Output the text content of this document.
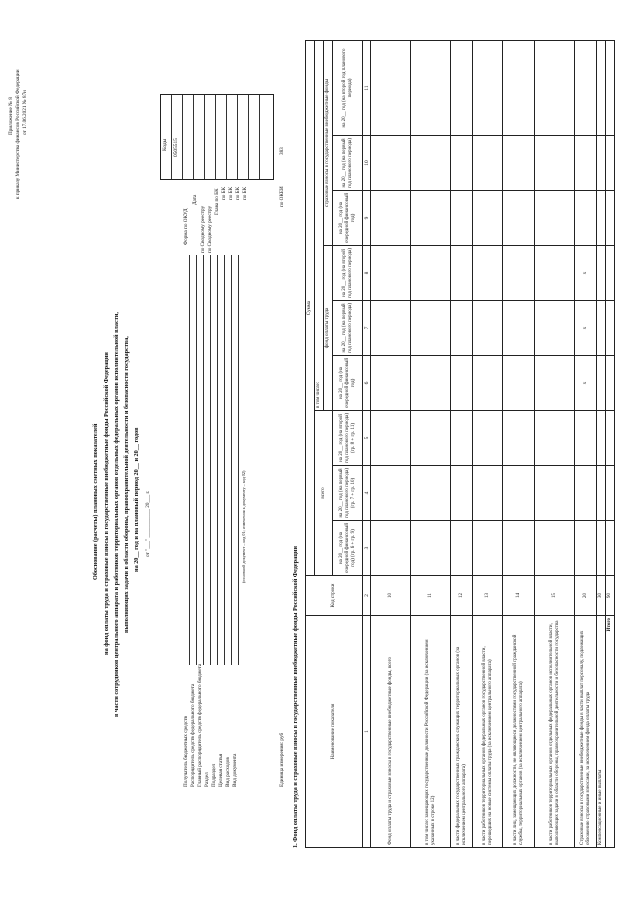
Приложение № 8 к приказу Министерства финансов Российской Федерации от 17.06.2021 № 87н
Обоснование (расчеты) плановых сметных показателей на фонд оплаты труда и страховые взносы в государственные внебюджетные фонды Российской Федерации в части сотрудников центрального аппарата и работников территориальных органов отдельных федеральных органов исполнительной власти, выполняющих задачи в области обороны, правоохранительной деятельности и безопасности государства, на 20__ год и на плановый период 20__ и 20__ годов от "___" ___________ 20___ г.
Коды 0505515	383
Форма по ОКУД
Дата
по Сводному реестру по Сводному реестру
Глава по БК по БК по БК по БК по БК	по ОКЕИ
Получатель бюджетных средств Распорядитель средств федерального бюджета Главный распорядитель средств федерального бюджета Раздел Подраздел Целевая статья Вид расходов Вид документа	Единица измерения: руб
(основной документ – код 01; изменения к документу – код 02)
1. Фонд оплаты труда и страховые взносы в государственные внебюджетные фонды Российской Федерации	Наименование показателя	Код строки	Сумма								
		всего			в том числе:					
					фонд оплаты труда			страховые взносы в государственные внебюджетные фонды		
		на 20__ год (на очередной финансовый год) (гр. 6 + гр. 9)	на 20__ год (на первый год планового периода) (гр. 7 + гр. 10)	на 20__ год (на второй год планового периода) (гр. 8 + гр. 11)	на 20__ год (на очередной финансовый год)	на 20__ год (на первый год планового периода)	на 20__ год (на второй год планового периода)	на 20__ год (на очередной финансовый год)	на 20__ год (на первый год планового периода)	на 20__ год (на второй год планового периода)
1	2	3	4	5	6	7	8	9	10	11
Фонд оплаты труда и страховые взносы в государственные внебюджетные фонды, всего	10									
в том числе: замещающих государственные должности Российской Федерации (за исключением указанных в строке 12)	11									
в части федеральных государственных гражданских служащих территориальных органов (за исключением центрального аппарата)	12									
в части работников территориальных органов федеральных органов государственной власти, перешедших на новые системы оплаты труда (за исключением центрального аппарата)	13									
в части лиц, замещающих должности, не являющиеся должностями государственной гражданской службы, территориальных органов (за исключением центрального аппарата)	14									
в части работников территориальных органов отдельных федеральных органов исполнительной власти, выполняющих задачи в области обороны, правоохранительной деятельности и безопасности государства	15									
Страховые взносы в государственные внебюджетные фонды в части выплат персоналу, подлежащих обложению страховыми взносами, за исключением фонда оплаты труда	20				х	х	х			
Компенсационные и иные выплаты	30									
Итого	90									
